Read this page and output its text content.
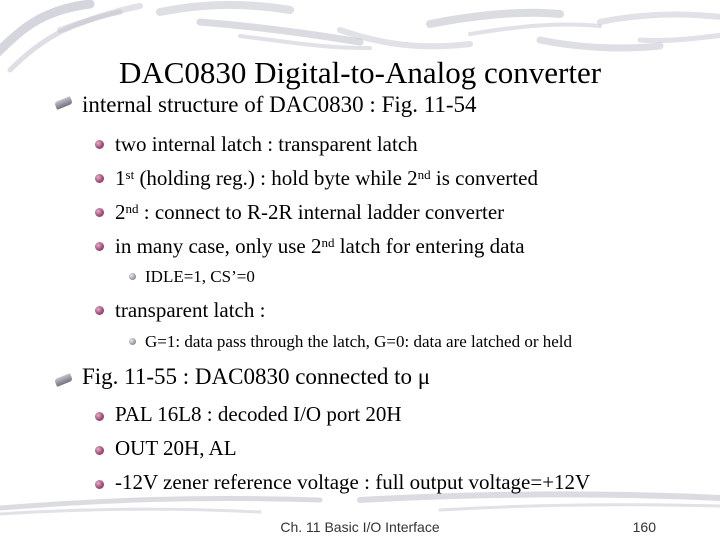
DAC0830 Digital-to-Analog converter
internal structure of DAC0830 : Fig. 11-54
two internal latch : transparent latch
1st (holding reg.) : hold byte while 2nd is converted
2nd : connect to R-2R internal ladder converter
in many case, only use 2nd latch for entering data
IDLE=1, CS’=0
transparent latch :
G=1: data pass through the latch, G=0: data are latched or held
Fig. 11-55 : DAC0830 connected to μ
PAL 16L8 : decoded I/O port 20H
OUT 20H, AL
-12V zener reference voltage : full output voltage=+12V
Ch. 11 Basic I/O Interface	160
